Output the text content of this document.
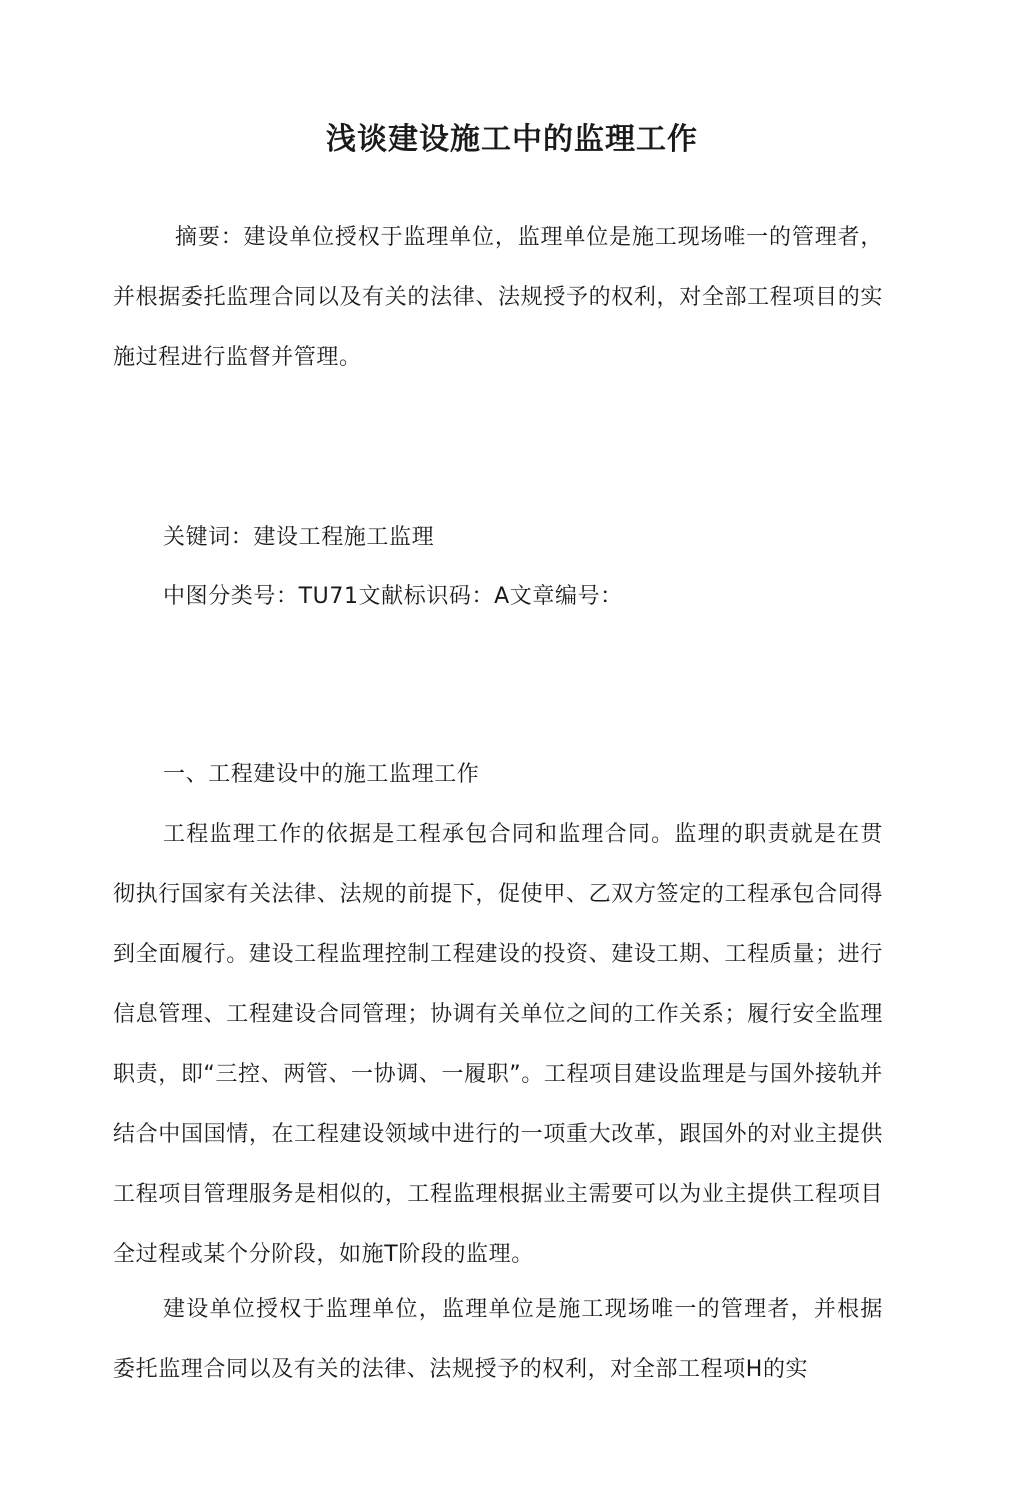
浅谈建设施工中的监理工作

摘要：建设单位授权于监理单位，监理单位是施工现场唯一的管理者，并根据委托监理合同以及有关的法律、法规授予的权利，对全部工程项目的实施过程进行监督并管理。

关键词：建设工程施工监理

中图分类号：TU71文献标识码：A文章编号：

一、工程建设中的施工监理工作

工程监理工作的依据是工程承包合同和监理合同。监理的职责就是在贯彻执行国家有关法律、法规的前提下，促使甲、乙双方签定的工程承包合同得到全面履行。建设工程监理控制工程建设的投资、建设工期、工程质量；进行信息管理、工程建设合同管理；协调有关单位之间的工作关系；履行安全监理职责，即“三控、两管、一协调、一履职”。工程项目建设监理是与国外接轨并结合中国国情，在工程建设领域中进行的一项重大改革，跟国外的对业主提供工程项目管理服务是相似的，工程监理根据业主需要可以为业主提供工程项目全过程或某个分阶段，如施T阶段的监理。

建设单位授权于监理单位，监理单位是施工现场唯一的管理者，并根据委托监理合同以及有关的法律、法规授予的权利，对全部工程项H的实
